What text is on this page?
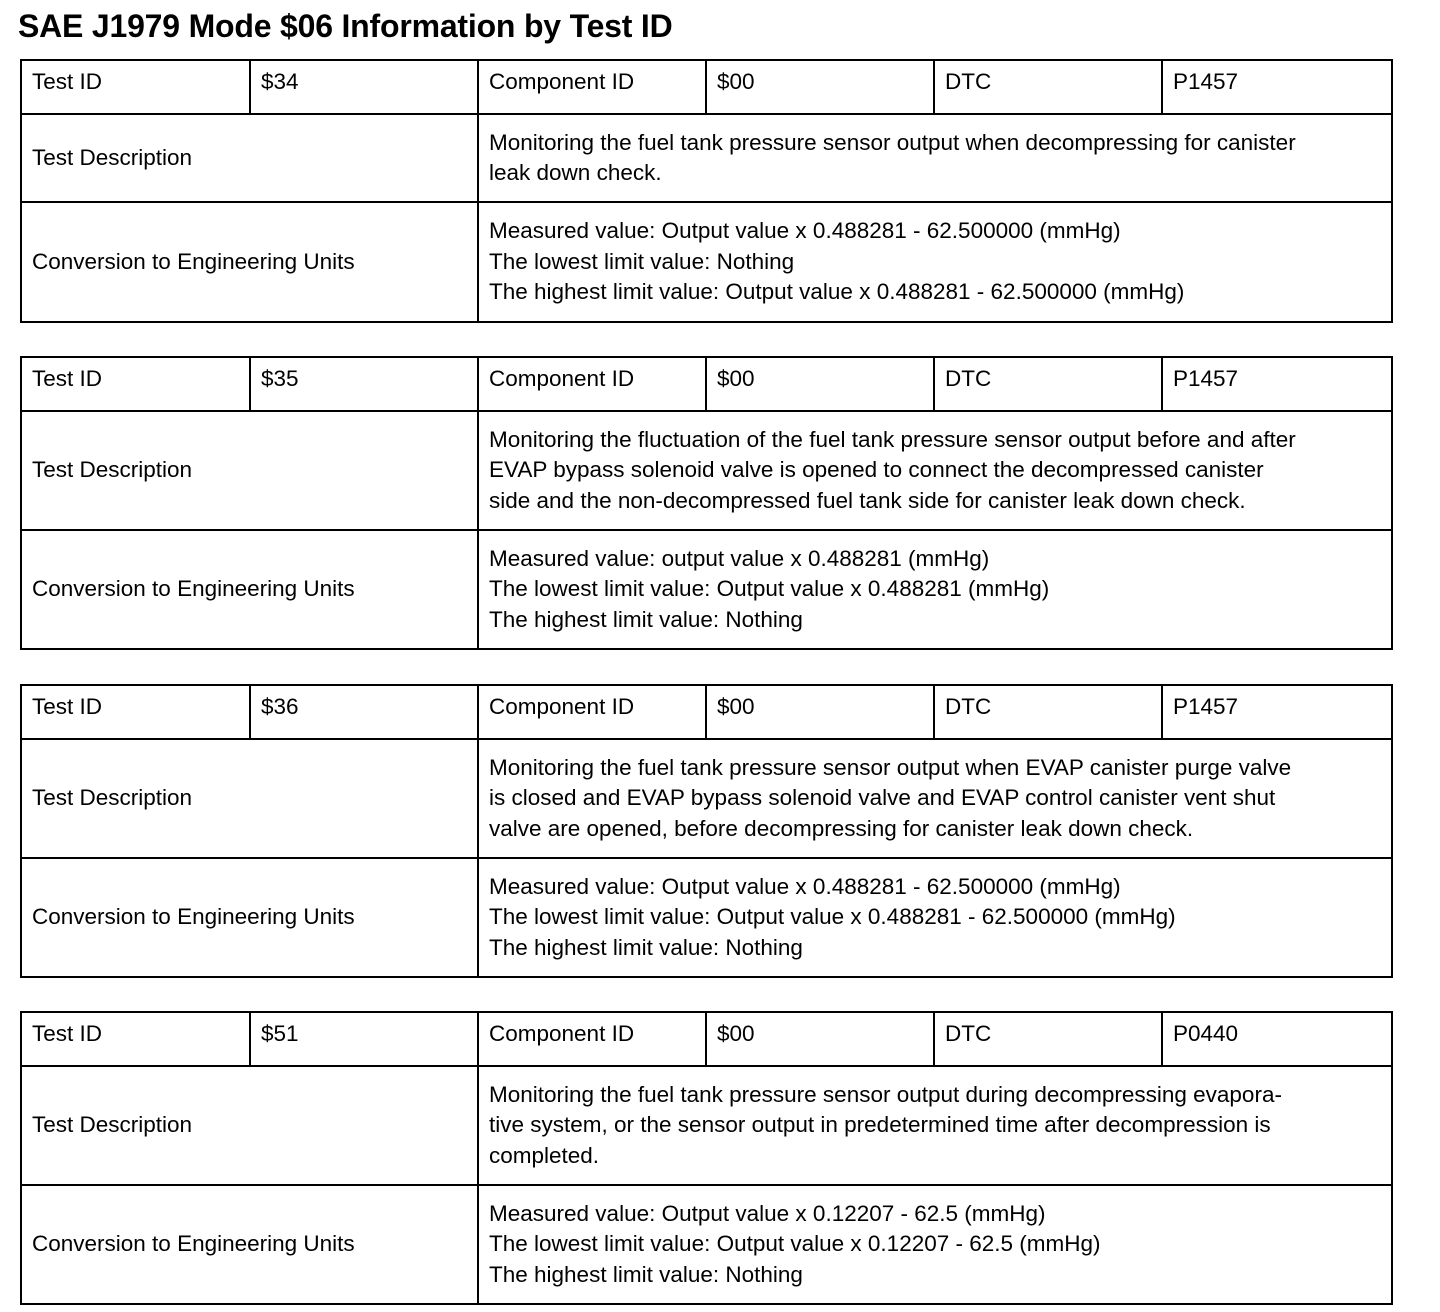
SAE J1979 Mode $06 Information by Test ID
Test ID	$34	Component ID	$00	DTC	P1457
Test Description		Monitoring the fuel tank pressure sensor output when decompressing for canister
leak down check.			

Conversion to Engineering Units		Measured value: Output value x 0.488281 - 62.500000 (mmHg)
The lowest limit value: Nothing
The highest limit value: Output value x 0.488281 - 62.500000 (mmHg)			
Test ID	$35	Component ID	$00	DTC	P1457
Test Description		Monitoring the fluctuation of the fuel tank pressure sensor output before and after
EVAP bypass solenoid valve is opened to connect the decompressed canister
side and the non-decompressed fuel tank side for canister leak down check.			

Conversion to Engineering Units		Measured value: output value x 0.488281 (mmHg)
The lowest limit value: Output value x 0.488281 (mmHg)
The highest limit value: Nothing			
Test ID	$36	Component ID	$00	DTC	P1457
Test Description		Monitoring the fuel tank pressure sensor output when EVAP canister purge valve
is closed and EVAP bypass solenoid valve and EVAP control canister vent shut
valve are opened, before decompressing for canister leak down check.			

Conversion to Engineering Units		Measured value: Output value x 0.488281 - 62.500000 (mmHg)
The lowest limit value: Output value x 0.488281 - 62.500000 (mmHg)
The highest limit value: Nothing			
Test ID	$51	Component ID	$00	DTC	P0440
Test Description		Monitoring the fuel tank pressure sensor output during decompressing evapora-
tive system, or the sensor output in predetermined time after decompression is
completed.			

Conversion to Engineering Units		Measured value: Output value x 0.12207 - 62.5 (mmHg)
The lowest limit value: Output value x 0.12207 - 62.5 (mmHg)
The highest limit value: Nothing			
